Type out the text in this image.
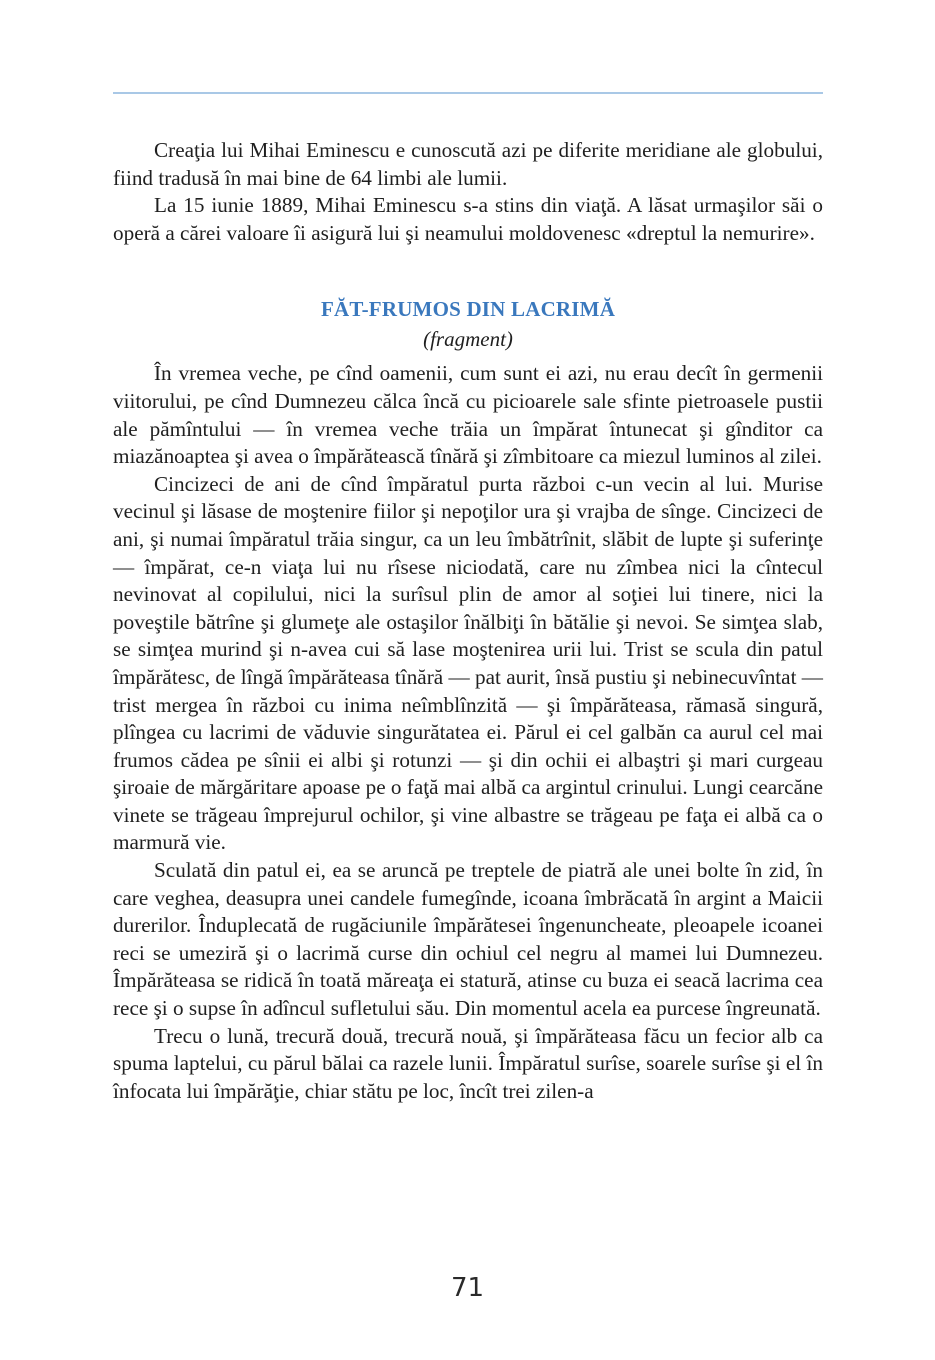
Creaţia lui Mihai Eminescu e cunoscută azi pe diferite meridiane ale globului, fiind tradusă în mai bine de 64 limbi ale lumii.

La 15 iunie 1889, Mihai Eminescu s-a stins din viaţă. A lăsat urmaşilor săi o operă a cărei valoare îi asigură lui şi neamului moldovenesc «dreptul la nemurire».

FĂT-FRUMOS DIN LACRIMĂ
(fragment)

În vremea veche, pe cînd oamenii, cum sunt ei azi, nu erau decît în germenii viitorului, pe cînd Dumnezeu călca încă cu picioarele sale sfinte pietroasele pustii ale pămîntului — în vremea veche trăia un împărat întunecat şi gînditor ca miazănoaptea şi avea o împărătească tînără şi zîmbitoare ca miezul luminos al zilei.

Cincizeci de ani de cînd împăratul purta război c-un vecin al lui. Murise vecinul şi lăsase de moştenire fiilor şi nepoţilor ura şi vrajba de sînge. Cincizeci de ani, şi numai împăratul trăia singur, ca un leu îmbătrînit, slăbit de lupte şi suferinţe — împărat, ce-n viaţa lui nu rîsese niciodată, care nu zîmbea nici la cîntecul nevinovat al copilului, nici la surîsul plin de amor al soţiei lui tinere, nici la poveştile bătrîne şi glumeţe ale ostaşilor înălbiţi în bătălie şi nevoi. Se simţea slab, se simţea murind şi n-avea cui să lase moştenirea urii lui. Trist se scula din patul împărătesc, de lîngă împărăteasa tînără — pat aurit, însă pustiu şi nebinecuvîntat — trist mergea în război cu inima neîmblînzită — şi împărăteasa, rămasă singură, plîngea cu lacrimi de văduvie singurătatea ei. Părul ei cel galbăn ca aurul cel mai frumos cădea pe sînii ei albi şi rotunzi — şi din ochii ei albaştri şi mari curgeau şiroaie de mărgăritare apoase pe o faţă mai albă ca argintul crinului. Lungi cearcăne vinete se trăgeau împrejurul ochilor, şi vine albastre se trăgeau pe faţa ei albă ca o marmură vie.

Sculată din patul ei, ea se aruncă pe treptele de piatră ale unei bolte în zid, în care veghea, deasupra unei candele fumegînde, icoana îmbrăcată în argint a Maicii durerilor. Înduplecată de rugăciunile împărătesei îngenuncheate, pleoapele icoanei reci se umeziră şi o lacrimă curse din ochiul cel negru al mamei lui Dumnezeu. Împărăteasa se ridică în toată măreaţa ei statură, atinse cu buza ei seacă lacrima cea rece şi o supse în adîncul sufletului său. Din momentul acela ea purcese îngreunată.

Trecu o lună, trecură două, trecură nouă, şi împărăteasa făcu un fecior alb ca spuma laptelui, cu părul bălai ca razele lunii. Împăratul surîse, soarele surîse şi el în înfocata lui împărăţie, chiar stătu pe loc, încît trei zilen-a

71
